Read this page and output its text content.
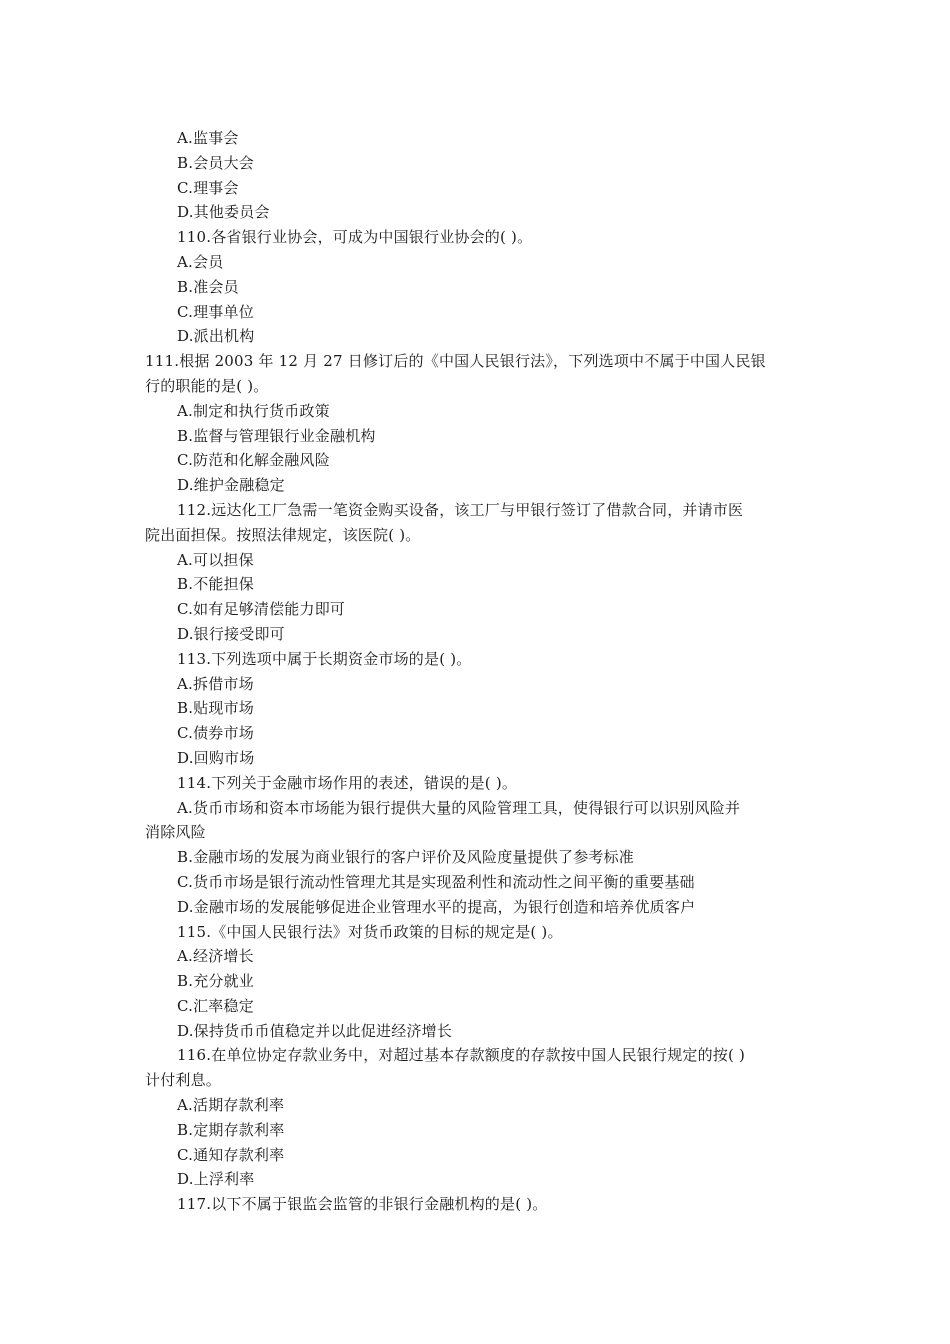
A.监事会
B.会员大会
C.理事会
D.其他委员会
110.各省银行业协会，可成为中国银行业协会的( )。
A.会员
B.准会员
C.理事单位
D.派出机构
111.根据 2003 年 12 月 27 日修订后的《中国人民银行法》，下列选项中不属于中国人民银
行的职能的是( )。
A.制定和执行货币政策
B.监督与管理银行业金融机构
C.防范和化解金融风险
D.维护金融稳定
112.远达化工厂急需一笔资金购买设备，该工厂与甲银行签订了借款合同，并请市医
院出面担保。按照法律规定，该医院( )。
A.可以担保
B.不能担保
C.如有足够清偿能力即可
D.银行接受即可
113.下列选项中属于长期资金市场的是( )。
A.拆借市场
B.贴现市场
C.债券市场
D.回购市场
114.下列关于金融市场作用的表述，错误的是( )。
A.货币市场和资本市场能为银行提供大量的风险管理工具，使得银行可以识别风险并
消除风险
B.金融市场的发展为商业银行的客户评价及风险度量提供了参考标准
C.货币市场是银行流动性管理尤其是实现盈利性和流动性之间平衡的重要基础
D.金融市场的发展能够促进企业管理水平的提高，为银行创造和培养优质客户
115.《中国人民银行法》对货币政策的目标的规定是( )。
A.经济增长
B.充分就业
C.汇率稳定
D.保持货币币值稳定并以此促进经济增长
116.在单位协定存款业务中，对超过基本存款额度的存款按中国人民银行规定的按( )
计付利息。
A.活期存款利率
B.定期存款利率
C.通知存款利率
D.上浮利率
117.以下不属于银监会监管的非银行金融机构的是( )。
